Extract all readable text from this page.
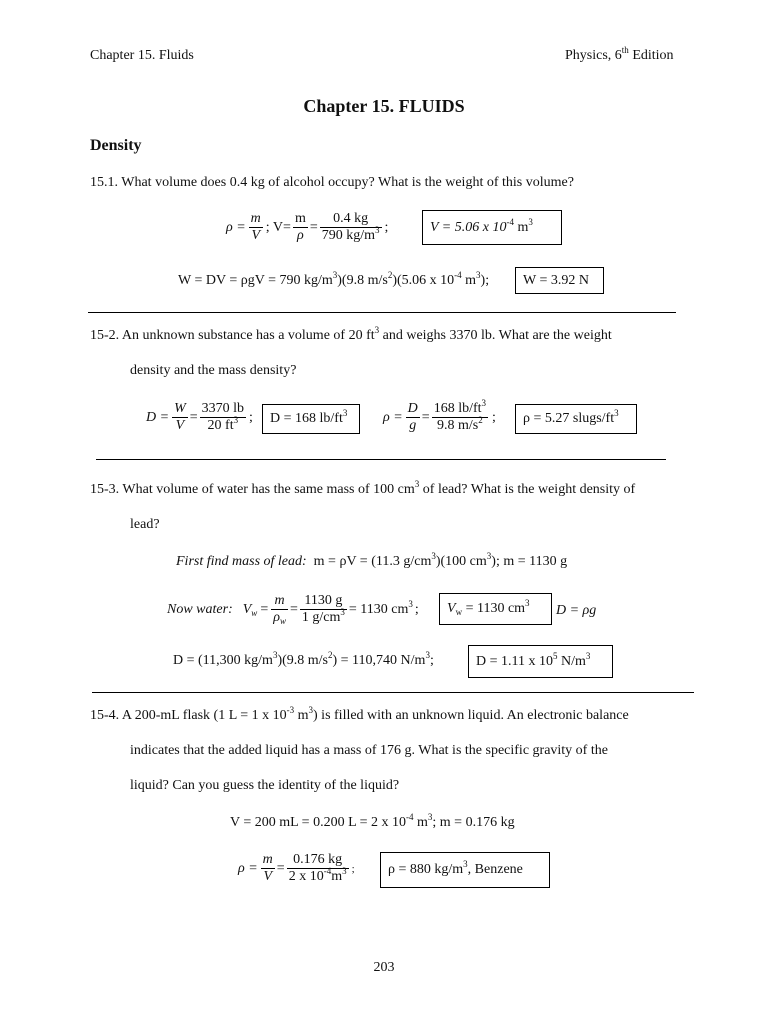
Chapter 15. Fluids	Physics, 6th Edition
Chapter 15. FLUIDS
Density
15.1. What volume does 0.4 kg of alcohol occupy? What is the weight of this volume?
$\rho = \frac{m}{V}$ ; $V= \frac{m}{\rho} = \frac{0.4 kg}{790 kg/m^3}$ ;	V = 5.06 x $10^{-4}$ $m^3$
W = DV = ρgV = 790 $kg/m^3)(9.8$ $m/s^2)(5.06$ x $10^{-4}$ $m^3$);	W = 3.92 N
15-2. An unknown substance has a volume of 20 $ft^3$ and weighs 3370 lb. What are the weight
density and the mass density?
$D = \frac{W}{V} = \frac{3370 lb}{20 ft^3}$ ;	D = 168 $lb/ft^3$	$\rho = \frac{D}{g} = \frac{168 lb/ft^3}{9.8 m/s^2}$ ;	ρ = 5.27 slugs/$ft^3$
15-3. What volume of water has the same mass of 100 $cm^3$ of lead? What is the weight density of
lead?
First find mass of lead: m = ρV = (11.3 $g/cm^3)(100$ $cm^3$); m = 1130 g
Now water: $V_w = \frac{m}{\rho_w} = \frac{1130 g}{1 g/cm^3} = 1130$ $cm^3$ ;	$V_w = 1130$ $cm^3$	D = ρg
D = (11,300 $kg/m^3)(9.8$ $m/s^2) = 110,740$ $N/m^3$;	D = 1.11 x $10^5$ $N/m^3$
15-4. A 200-mL flask (1 L = 1 x $10^{-3}$ $m^3$) is filled with an unknown liquid. An electronic balance
indicates that the added liquid has a mass of 176 g. What is the specific gravity of the
liquid? Can you guess the identity of the liquid?
V = 200 mL = 0.200 L = 2 x $10^{-4}$ $m^3$; m = 0.176 kg
$\rho = \frac{m}{V} = \frac{0.176 kg}{2 x 10^{-4}m^3}$ ;	ρ = 880 $kg/m^3$, Benzene
203
